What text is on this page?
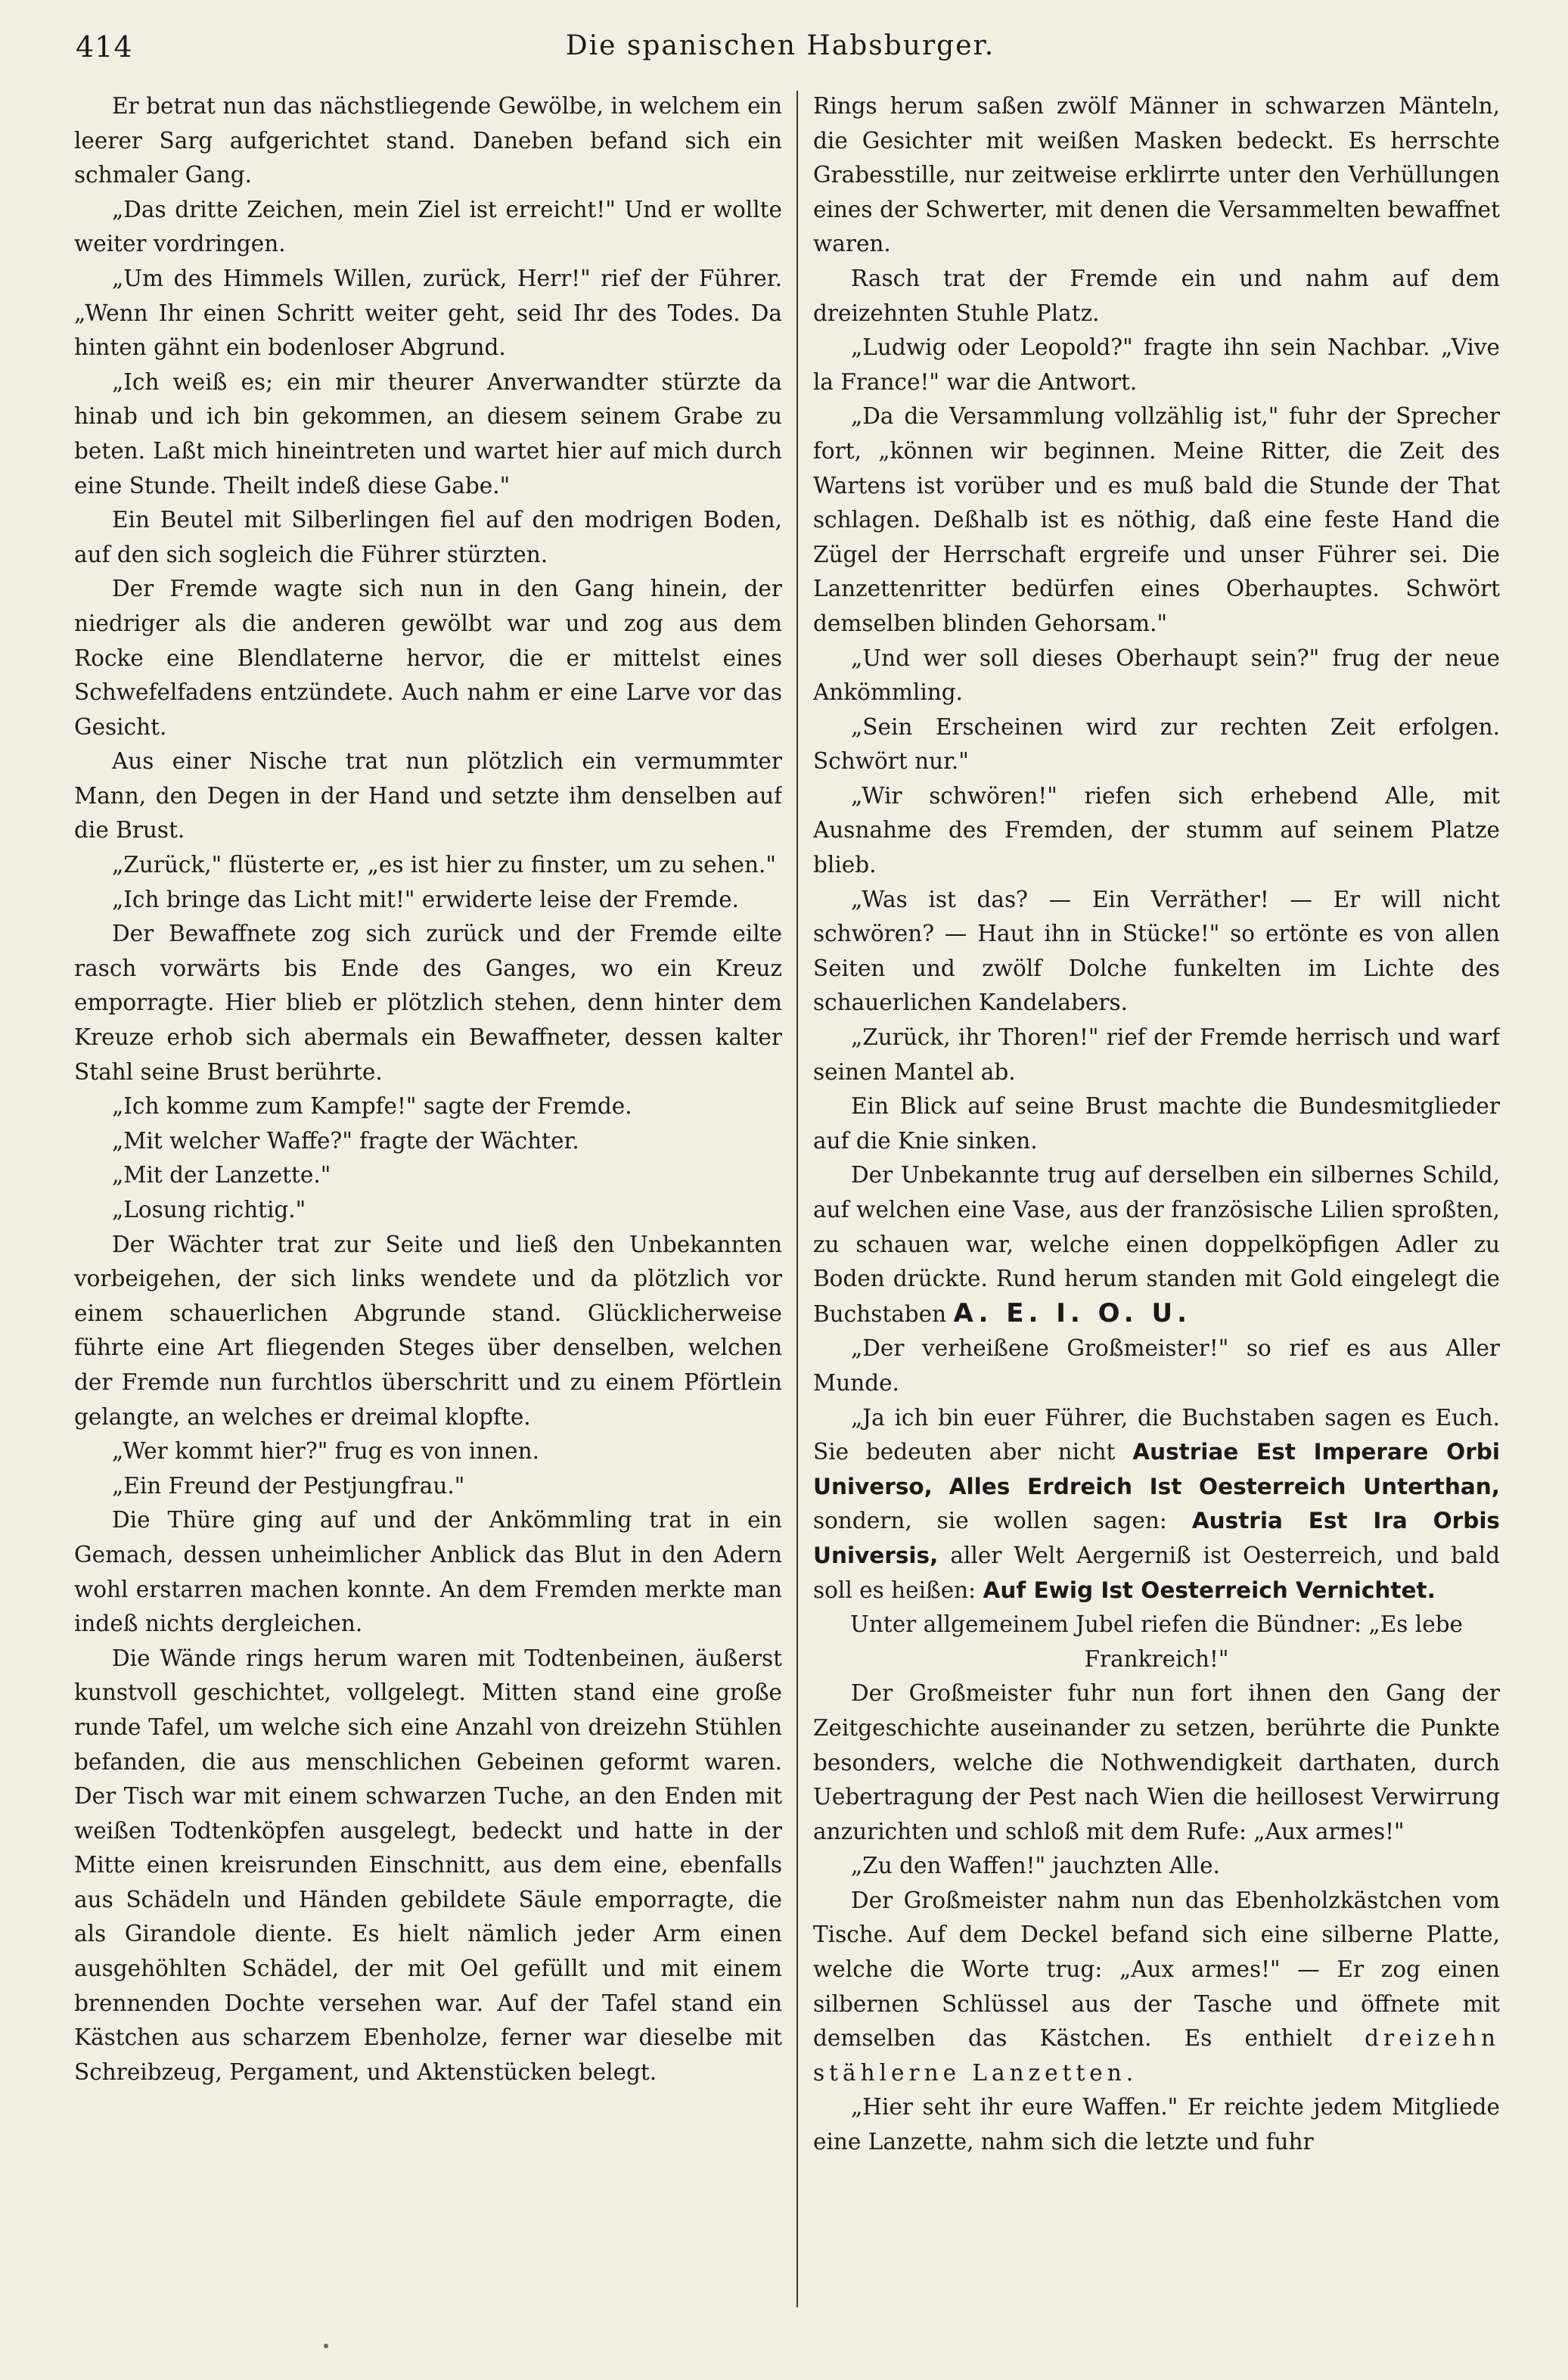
414	Die spanischen Habsburger.

Er betrat nun das nächstliegende Gewölbe, in welchem ein leerer Sarg aufgerichtet stand. Daneben befand sich ein schmaler Gang.

„Das dritte Zeichen, mein Ziel ist erreicht!" Und er wollte weiter vordringen.

„Um des Himmels Willen, zurück, Herr!" rief der Führer. „Wenn Ihr einen Schritt weiter geht, seid Ihr des Todes. Da hinten gähnt ein bodenloser Abgrund.

„Ich weiß es; ein mir theurer Anverwandter stürzte da hinab und ich bin gekommen, an diesem seinem Grabe zu beten. Laßt mich hineintreten und wartet hier auf mich durch eine Stunde. Theilt indeß diese Gabe."

Ein Beutel mit Silberlingen fiel auf den modrigen Boden, auf den sich sogleich die Führer stürzten.

Der Fremde wagte sich nun in den Gang hinein, der niedriger als die anderen gewölbt war und zog aus dem Rocke eine Blendlaterne hervor, die er mittelst eines Schwefelfadens entzündete. Auch nahm er eine Larve vor das Gesicht.

Aus einer Nische trat nun plötzlich ein vermummter Mann, den Degen in der Hand und setzte ihm denselben auf die Brust.

„Zurück," flüsterte er, „es ist hier zu finster, um zu sehen."

„Ich bringe das Licht mit!" erwiderte leise der Fremde.

Der Bewaffnete zog sich zurück und der Fremde eilte rasch vorwärts bis Ende des Ganges, wo ein Kreuz emporragte. Hier blieb er plötzlich stehen, denn hinter dem Kreuze erhob sich abermals ein Bewaffneter, dessen kalter Stahl seine Brust berührte.

„Ich komme zum Kampfe!" sagte der Fremde.

„Mit welcher Waffe?" fragte der Wächter.

„Mit der Lanzette."

„Losung richtig."

Der Wächter trat zur Seite und ließ den Unbekannten vorbeigehen, der sich links wendete und da plötzlich vor einem schauerlichen Abgrunde stand. Glücklicherweise führte eine Art fliegenden Steges über denselben, welchen der Fremde nun furchtlos überschritt und zu einem Pförtlein gelangte, an welches er dreimal klopfte.

„Wer kommt hier?" frug es von innen.

„Ein Freund der Pestjungfrau."

Die Thüre ging auf und der Ankömmling trat in ein Gemach, dessen unheimlicher Anblick das Blut in den Adern wohl erstarren machen konnte. An dem Fremden merkte man indeß nichts dergleichen.

Die Wände rings herum waren mit Todtenbeinen, äußerst kunstvoll geschichtet, vollgelegt. Mitten stand eine große runde Tafel, um welche sich eine Anzahl von dreizehn Stühlen befanden, die aus menschlichen Gebeinen geformt waren. Der Tisch war mit einem schwarzen Tuche, an den Enden mit weißen Todtenköpfen ausgelegt, bedeckt und hatte in der Mitte einen kreisrunden Einschnitt, aus dem eine, ebenfalls aus Schädeln und Händen gebildete Säule emporragte, die als Girandole diente. Es hielt nämlich jeder Arm einen ausgehöhlten Schädel, der mit Oel gefüllt und mit einem brennenden Dochte versehen war. Auf der Tafel stand ein Kästchen aus scharzem Ebenholze, ferner war dieselbe mit Schreibzeug, Pergament, und Aktenstücken belegt.

Rings herum saßen zwölf Männer in schwarzen Mänteln, die Gesichter mit weißen Masken bedeckt. Es herrschte Grabesstille, nur zeitweise erklirrte unter den Verhüllungen eines der Schwerter, mit denen die Versammelten bewaffnet waren.

Rasch trat der Fremde ein und nahm auf dem dreizehnten Stuhle Platz.

„Ludwig oder Leopold?" fragte ihn sein Nachbar. „Vive la France!" war die Antwort.

„Da die Versammlung vollzählig ist," fuhr der Sprecher fort, „können wir beginnen. Meine Ritter, die Zeit des Wartens ist vorüber und es muß bald die Stunde der That schlagen. Deßhalb ist es nöthig, daß eine feste Hand die Zügel der Herrschaft ergreife und unser Führer sei. Die Lanzettenritter bedürfen eines Oberhauptes. Schwört demselben blinden Gehorsam."

„Und wer soll dieses Oberhaupt sein?" frug der neue Ankömmling.

„Sein Erscheinen wird zur rechten Zeit erfolgen. Schwört nur."

„Wir schwören!" riefen sich erhebend Alle, mit Ausnahme des Fremden, der stumm auf seinem Platze blieb.

„Was ist das? — Ein Verräther! — Er will nicht schwören? — Haut ihn in Stücke!" so ertönte es von allen Seiten und zwölf Dolche funkelten im Lichte des schauerlichen Kandelabers.

„Zurück, ihr Thoren!" rief der Fremde herrisch und warf seinen Mantel ab.

Ein Blick auf seine Brust machte die Bundesmitglieder auf die Knie sinken.

Der Unbekannte trug auf derselben ein silbernes Schild, auf welchen eine Vase, aus der französische Lilien sproßten, zu schauen war, welche einen doppelköpfigen Adler zu Boden drückte. Rund herum standen mit Gold eingelegt die Buchstaben A. E. I. O. U.

„Der verheißene Großmeister!" so rief es aus Aller Munde.

„Ja ich bin euer Führer, die Buchstaben sagen es Euch. Sie bedeuten aber nicht Austriae Est Imperare Orbi Universo, Alles Erdreich Ist Oesterreich Unterthan, sondern, sie wollen sagen: Austria Est Ira Orbis Universis, aller Welt Aergerniß ist Oesterreich, und bald soll es heißen: Auf Ewig Ist Oesterreich Vernichtet.

Unter allgemeinem Jubel riefen die Bündner: „Es lebe Frankreich!"

Der Großmeister fuhr nun fort ihnen den Gang der Zeitgeschichte auseinander zu setzen, berührte die Punkte besonders, welche die Nothwendigkeit darthaten, durch Uebertragung der Pest nach Wien die heillosest Verwirrung anzurichten und schloß mit dem Rufe: „Aux armes!"

„Zu den Waffen!" jauchzten Alle.

Der Großmeister nahm nun das Ebenholzkästchen vom Tische. Auf dem Deckel befand sich eine silberne Platte, welche die Worte trug: „Aux armes!" — Er zog einen silbernen Schlüssel aus der Tasche und öffnete mit demselben das Kästchen. Es enthielt dreizehn stählerne Lanzetten.

„Hier seht ihr eure Waffen." Er reichte jedem Mitgliede eine Lanzette, nahm sich die letzte und fuhr
